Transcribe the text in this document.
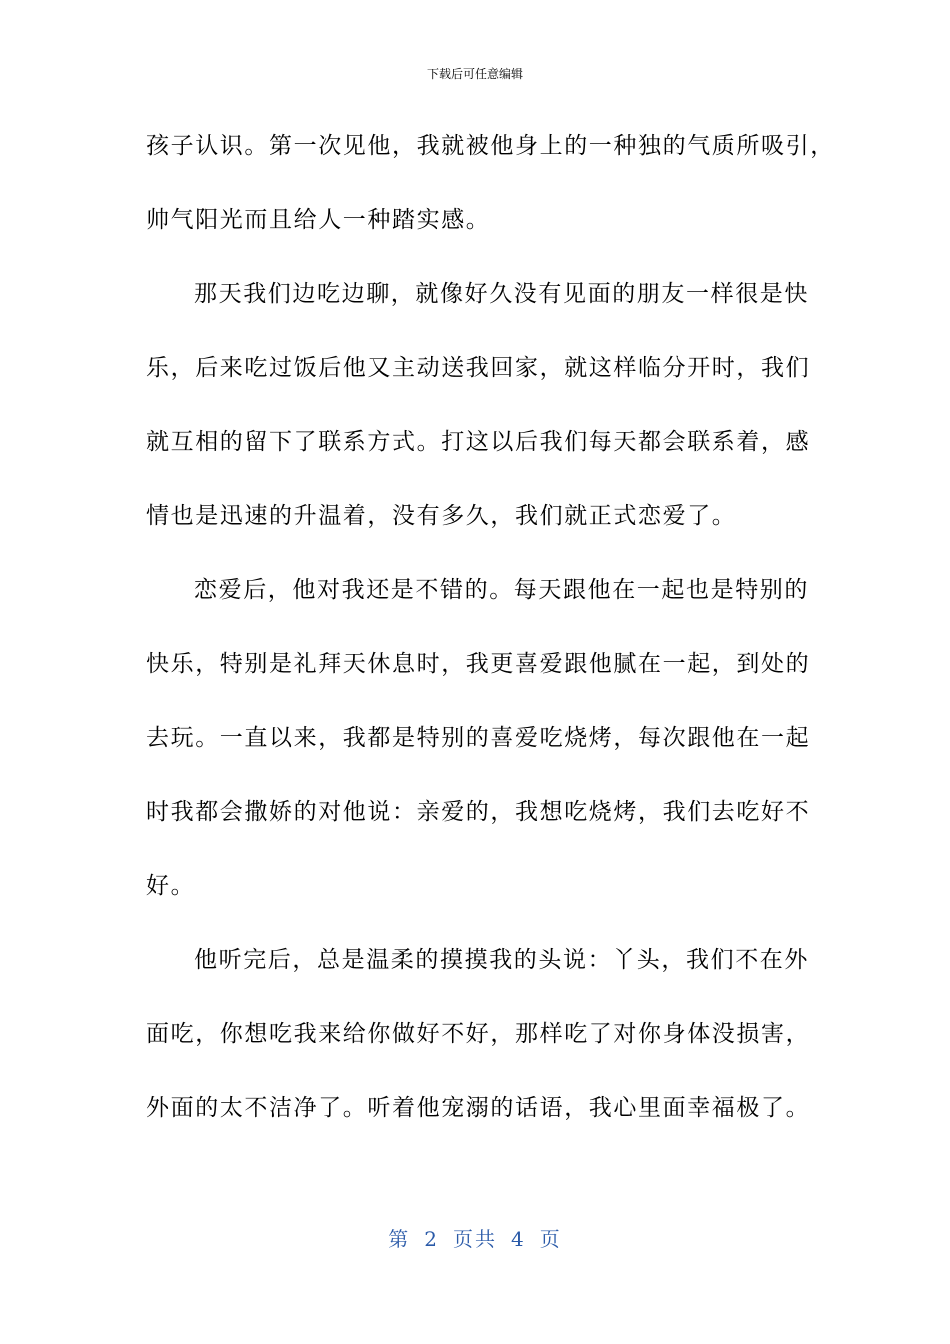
下载后可任意编辑
孩子认识。第一次见他，我就被他身上的一种独的气质所吸引，
帅气阳光而且给人一种踏实感。
那天我们边吃边聊，就像好久没有见面的朋友一样很是快
乐，后来吃过饭后他又主动送我回家，就这样临分开时，我们
就互相的留下了联系方式。打这以后我们每天都会联系着，感
情也是迅速的升温着，没有多久，我们就正式恋爱了。
恋爱后，他对我还是不错的。每天跟他在一起也是特别的
快乐，特别是礼拜天休息时，我更喜爱跟他腻在一起，到处的
去玩。一直以来，我都是特别的喜爱吃烧烤，每次跟他在一起
时我都会撒娇的对他说：亲爱的，我想吃烧烤，我们去吃好不
好。
他听完后，总是温柔的摸摸我的头说：丫头，我们不在外
面吃，你想吃我来给你做好不好，那样吃了对你身体没损害，
外面的太不洁净了。听着他宠溺的话语，我心里面幸福极了。
第 2 页共 4 页
